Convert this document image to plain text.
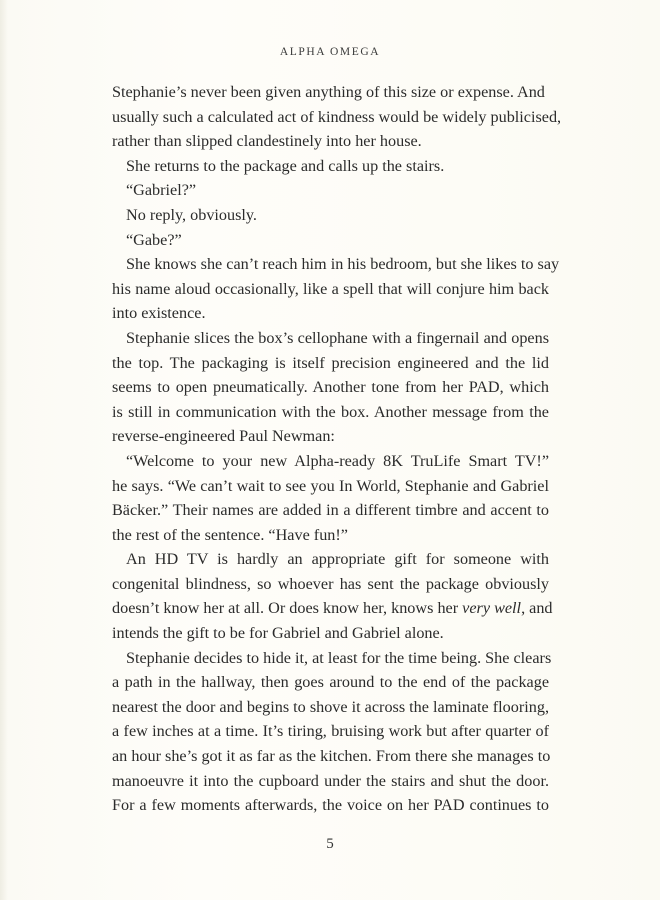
ALPHA OMEGA
Stephanie’s never been given anything of this size or expense. And
usually such a calculated act of kindness would be widely publicised,
rather than slipped clandestinely into her house.
She returns to the package and calls up the stairs.
“Gabriel?”
No reply, obviously.
“Gabe?”
She knows she can’t reach him in his bedroom, but she likes to say
his name aloud occasionally, like a spell that will conjure him back
into existence.
Stephanie slices the box’s cellophane with a fingernail and opens
the top. The packaging is itself precision engineered and the lid
seems to open pneumatically. Another tone from her PAD, which
is still in communication with the box. Another message from the
reverse-engineered Paul Newman:
“Welcome to your new Alpha-ready 8K TruLife Smart TV!”
he says. “We can’t wait to see you In World, Stephanie and Gabriel
Bäcker.” Their names are added in a different timbre and accent to
the rest of the sentence. “Have fun!”
An HD TV is hardly an appropriate gift for someone with
congenital blindness, so whoever has sent the package obviously
doesn’t know her at all. Or does know her, knows her very well, and
intends the gift to be for Gabriel and Gabriel alone.
Stephanie decides to hide it, at least for the time being. She clears
a path in the hallway, then goes around to the end of the package
nearest the door and begins to shove it across the laminate flooring,
a few inches at a time. It’s tiring, bruising work but after quarter of
an hour she’s got it as far as the kitchen. From there she manages to
manoeuvre it into the cupboard under the stairs and shut the door.
For a few moments afterwards, the voice on her PAD continues to
5
